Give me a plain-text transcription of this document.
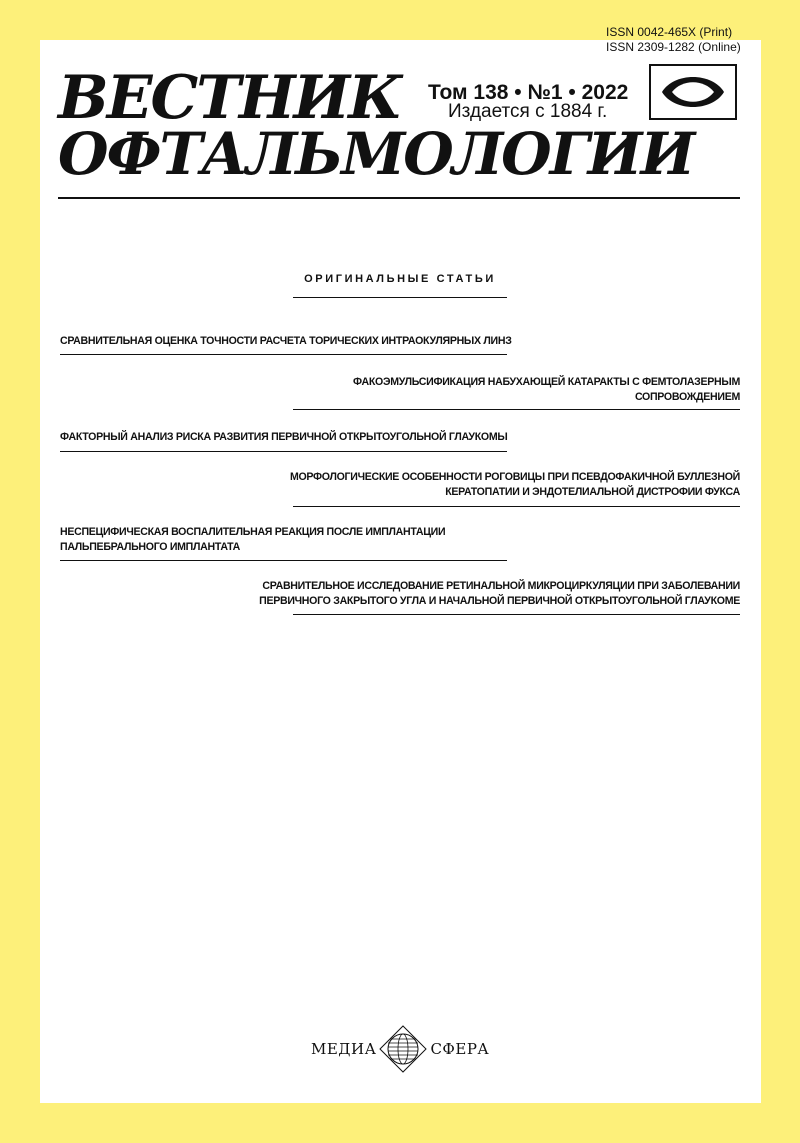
ISSN 0042-465X (Print)
ISSN 2309-1282 (Online)
ВЕСТНИК
ОФТАЛЬМОЛОГИИ
Том 138 • №1 • 2022
Издается с 1884 г.
ОРИГИНАЛЬНЫЕ СТАТЬИ
СРАВНИТЕЛЬНАЯ ОЦЕНКА ТОЧНОСТИ РАСЧЕТА ТОРИЧЕСКИХ ИНТРАОКУЛЯРНЫХ ЛИНЗ
ФАКОЭМУЛЬСИФИКАЦИЯ НАБУХАЮЩЕЙ КАТАРАКТЫ С ФЕМТОЛАЗЕРНЫМ
СОПРОВОЖДЕНИЕМ
ФАКТОРНЫЙ АНАЛИЗ РИСКА РАЗВИТИЯ ПЕРВИЧНОЙ ОТКРЫТОУГОЛЬНОЙ ГЛАУКОМЫ
МОРФОЛОГИЧЕСКИЕ ОСОБЕННОСТИ РОГОВИЦЫ ПРИ ПСЕВДОФАКИЧНОЙ БУЛЛЕЗНОЙ
КЕРАТОПАТИИ И ЭНДОТЕЛИАЛЬНОЙ ДИСТРОФИИ ФУКСА
НЕСПЕЦИФИЧЕСКАЯ ВОСПАЛИТЕЛЬНАЯ РЕАКЦИЯ ПОСЛЕ ИМПЛАНТАЦИИ
ПАЛЬПЕБРАЛЬНОГО ИМПЛАНТАТА
СРАВНИТЕЛЬНОЕ ИССЛЕДОВАНИЕ РЕТИНАЛЬНОЙ МИКРОЦИРКУЛЯЦИИ ПРИ ЗАБОЛЕВАНИИ
ПЕРВИЧНОГО ЗАКРЫТОГО УГЛА И НАЧАЛЬНОЙ ПЕРВИЧНОЙ ОТКРЫТОУГОЛЬНОЙ ГЛАУКОМЕ
МЕДИА	СФЕРА
